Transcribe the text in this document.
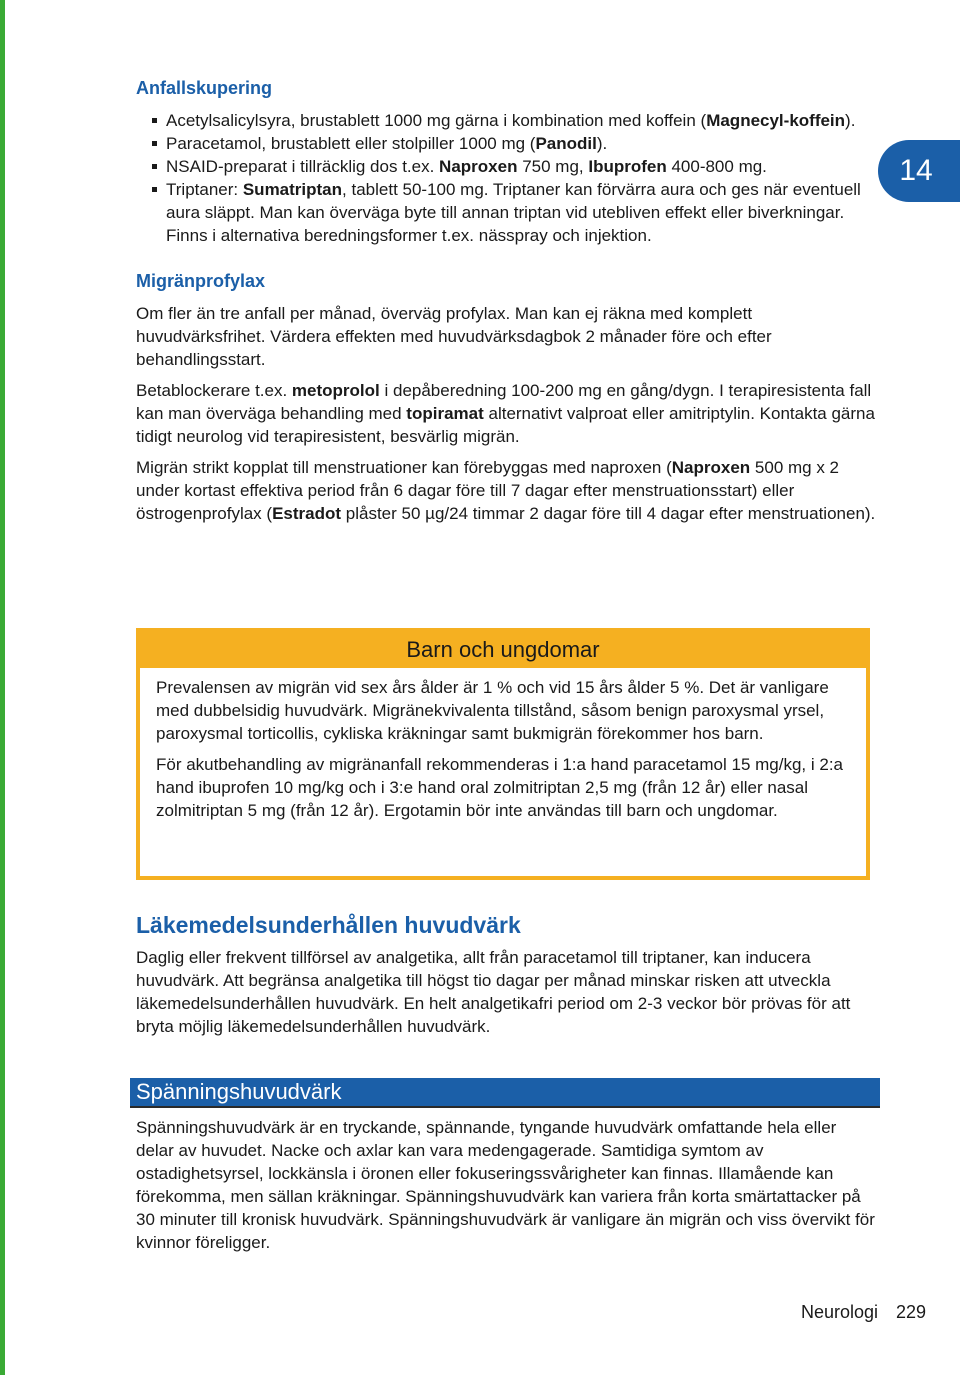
14
Anfallskupering
Acetylsalicylsyra, brustablett 1000 mg gärna i kombination med koffein (Magnecyl-koffein).
Paracetamol, brustablett eller stolpiller 1000 mg (Panodil).
NSAID-preparat i tillräcklig dos t.ex. Naproxen 750 mg, Ibuprofen 400-800 mg.
Triptaner: Sumatriptan, tablett 50-100 mg. Triptaner kan förvärra aura och ges när eventuell aura släppt. Man kan överväga byte till annan triptan vid utebliven effekt eller biverkningar. Finns i alternativa beredningsformer t.ex. nässpray och injektion.
Migränprofylax

Om fler än tre anfall per månad, överväg profylax. Man kan ej räkna med komplett huvudvärksfrihet. Värdera effekten med huvudvärksdagbok 2 månader före och efter behandlingsstart.

Betablockerare t.ex. metoprolol i depåberedning 100-200 mg en gång/dygn. I terapiresistenta fall kan man överväga behandling med topiramat alternativt valproat eller amitriptylin. Kontakta gärna tidigt neurolog vid terapiresistent, besvärlig migrän.

Migrän strikt kopplat till menstruationer kan förebyggas med naproxen (Naproxen 500 mg x 2 under kortast effektiva period från 6 dagar före till 7 dagar efter menstruationsstart) eller östrogenprofylax (Estradot plåster 50 µg/24 timmar 2 dagar före till 4 dagar efter menstruationen).

Barn och ungdomar

Prevalensen av migrän vid sex års ålder är 1 % och vid 15 års ålder 5 %. Det är vanligare med dubbelsidig huvudvärk. Migränekvivalenta tillstånd, såsom benign paroxysmal yrsel, paroxysmal torticollis, cykliska kräkningar samt bukmigrän förekommer hos barn.

För akutbehandling av migränanfall rekommenderas i 1:a hand paracetamol 15 mg/kg, i 2:a hand ibuprofen 10 mg/kg och i 3:e hand oral zolmitriptan 2,5 mg (från 12 år) eller nasal zolmitriptan 5 mg (från 12 år). Ergotamin bör inte användas till barn och ungdomar.

Läkemedelsunderhållen huvudvärk

Daglig eller frekvent tillförsel av analgetika, allt från paracetamol till triptaner, kan inducera huvudvärk. Att begränsa analgetika till högst tio dagar per månad minskar risken att utveckla läkemedelsunderhållen huvudvärk. En helt analgetikafri period om 2-3 veckor bör prövas för att bryta möjlig läkemedelsunderhållen huvudvärk.

Spänningshuvudvärk

Spänningshuvudvärk är en tryckande, spännande, tyngande huvudvärk omfattande hela eller delar av huvudet. Nacke och axlar kan vara medengagerade. Samtidiga symtom av ostadighetsyrsel, lockkänsla i öronen eller fokuseringssvårigheter kan finnas. Illamående kan förekomma, men sällan kräkningar. Spänningshuvudvärk kan variera från korta smärtattacker på 30 minuter till kronisk huvudvärk. Spänningshuvudvärk är vanligare än migrän och viss övervikt för kvinnor föreligger.

Neurologi 229
